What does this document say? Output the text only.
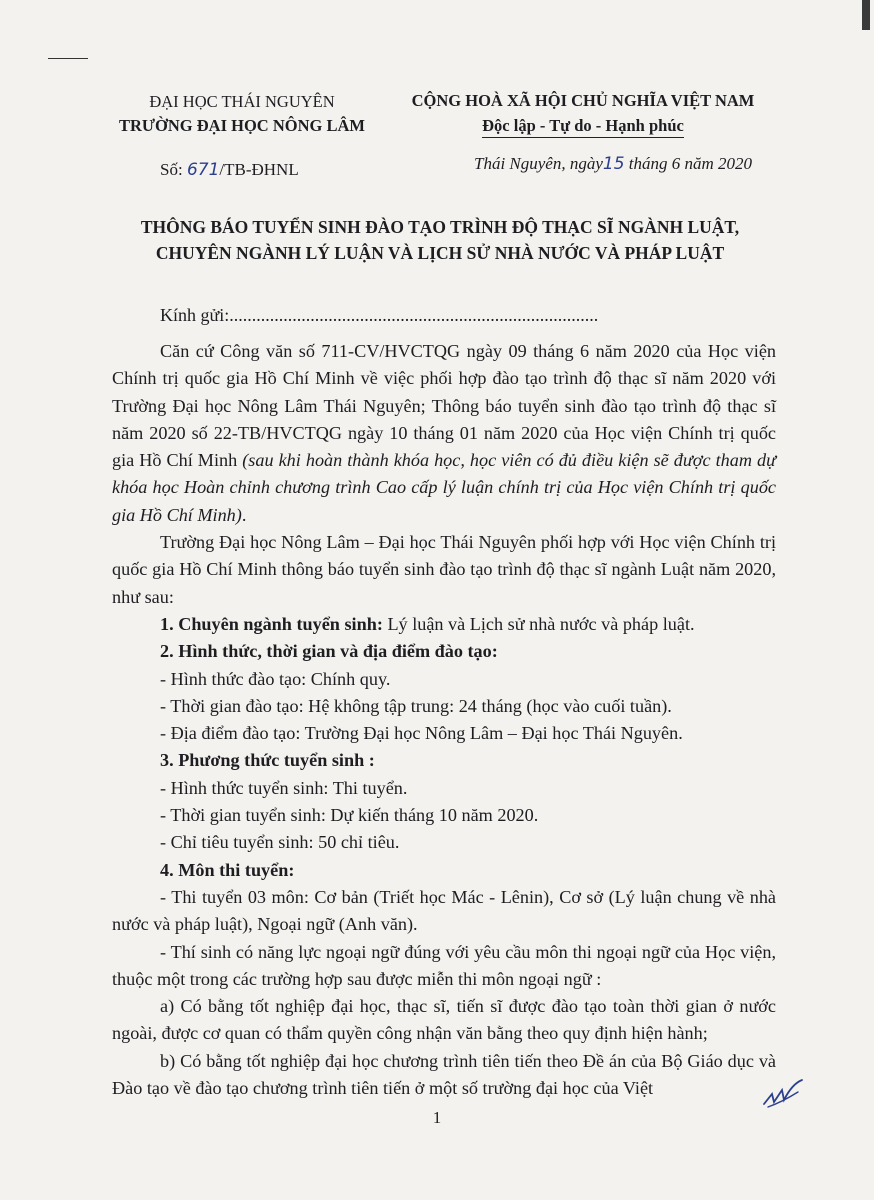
ĐẠI HỌC THÁI NGUYÊN
TRƯỜNG ĐẠI HỌC NÔNG LÂM
CỘNG HOÀ XÃ HỘI CHỦ NGHĨA VIỆT NAM
Độc lập - Tự do - Hạnh phúc
Số: 671/TB-ĐHNL	Thái Nguyên, ngày15 tháng 6 năm 2020
THÔNG BÁO TUYỂN SINH ĐÀO TẠO TRÌNH ĐỘ THẠC SĨ NGÀNH LUẬT,
CHUYÊN NGÀNH LÝ LUẬN VÀ LỊCH SỬ NHÀ NƯỚC VÀ PHÁP LUẬT
Kính gửi:..................................................................................

Căn cứ Công văn số 711-CV/HVCTQG ngày 09 tháng 6 năm 2020 của Học viện Chính trị quốc gia Hồ Chí Minh về việc phối hợp đào tạo trình độ thạc sĩ năm 2020 với Trường Đại học Nông Lâm Thái Nguyên; Thông báo tuyển sinh đào tạo trình độ thạc sĩ năm 2020 số 22-TB/HVCTQG ngày 10 tháng 01 năm 2020 của Học viện Chính trị quốc gia Hồ Chí Minh (sau khi hoàn thành khóa học, học viên có đủ điều kiện sẽ được tham dự khóa học Hoàn chỉnh chương trình Cao cấp lý luận chính trị của Học viện Chính trị quốc gia Hồ Chí Minh).

Trường Đại học Nông Lâm – Đại học Thái Nguyên phối hợp với Học viện Chính trị quốc gia Hồ Chí Minh thông báo tuyển sinh đào tạo trình độ thạc sĩ ngành Luật năm 2020, như sau:

1. Chuyên ngành tuyển sinh: Lý luận và Lịch sử nhà nước và pháp luật.

2. Hình thức, thời gian và địa điểm đào tạo:

- Hình thức đào tạo: Chính quy.

- Thời gian đào tạo: Hệ không tập trung: 24 tháng (học vào cuối tuần).

- Địa điểm đào tạo: Trường Đại học Nông Lâm – Đại học Thái Nguyên.

3. Phương thức tuyển sinh :

- Hình thức tuyển sinh: Thi tuyển.

- Thời gian tuyển sinh: Dự kiến tháng 10 năm 2020.

- Chỉ tiêu tuyển sinh: 50 chỉ tiêu.

4. Môn thi tuyển:

- Thi tuyển 03 môn: Cơ bản (Triết học Mác - Lênin), Cơ sở (Lý luận chung về nhà nước và pháp luật), Ngoại ngữ (Anh văn).

- Thí sinh có năng lực ngoại ngữ đúng với yêu cầu môn thi ngoại ngữ của Học viện, thuộc một trong các trường hợp sau được miễn thi môn ngoại ngữ :

a) Có bằng tốt nghiệp đại học, thạc sĩ, tiến sĩ được đào tạo toàn thời gian ở nước ngoài, được cơ quan có thẩm quyền công nhận văn bằng theo quy định hiện hành;

b) Có bằng tốt nghiệp đại học chương trình tiên tiến theo Đề án của Bộ Giáo dục và Đào tạo về đào tạo chương trình tiên tiến ở một số trường đại học của Việt

1
